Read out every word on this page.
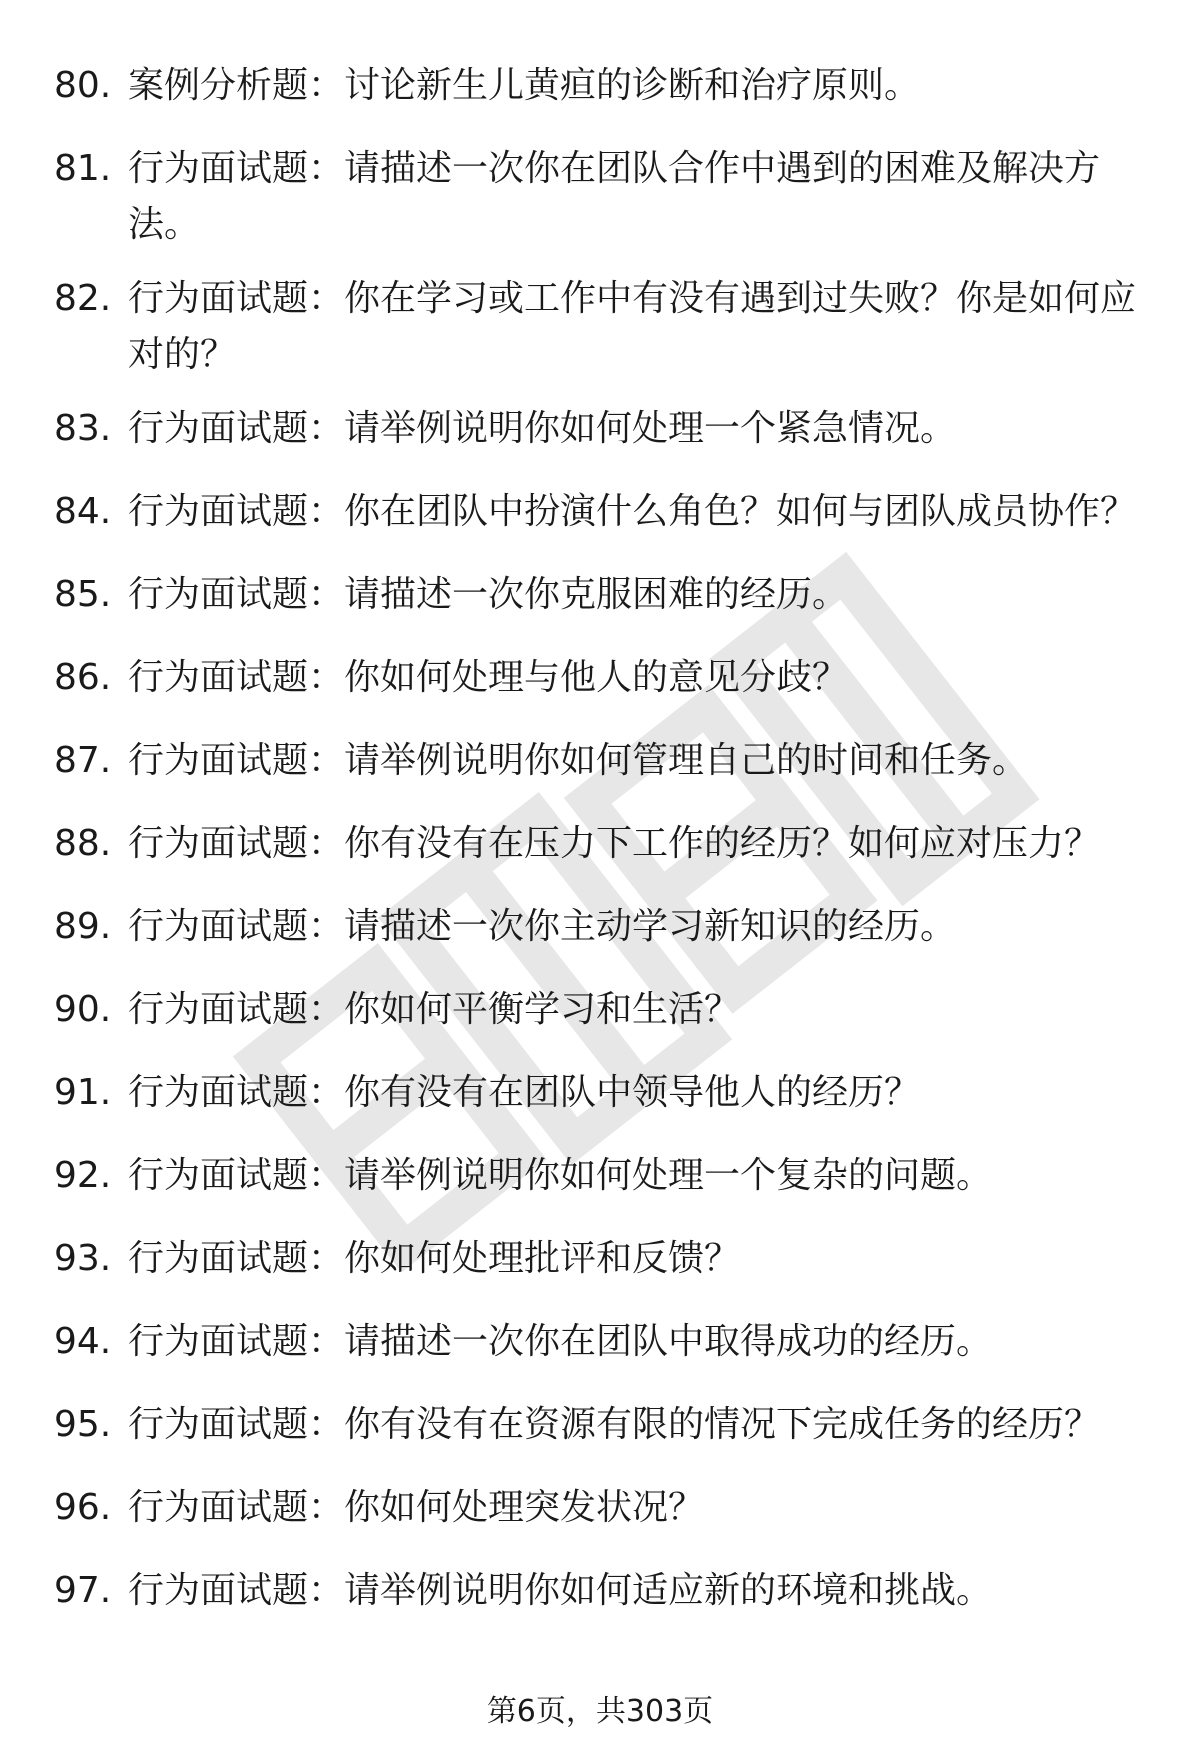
80. 案例分析题：讨论新生儿黄疸的诊断和治疗原则。
81. 行为面试题：请描述一次你在团队合作中遇到的困难及解决方法。
82. 行为面试题：你在学习或工作中有没有遇到过失败？你是如何应对的？
83. 行为面试题：请举例说明你如何处理一个紧急情况。
84. 行为面试题：你在团队中扮演什么角色？如何与团队成员协作？
85. 行为面试题：请描述一次你克服困难的经历。
86. 行为面试题：你如何处理与他人的意见分歧？
87. 行为面试题：请举例说明你如何管理自己的时间和任务。
88. 行为面试题：你有没有在压力下工作的经历？如何应对压力？
89. 行为面试题：请描述一次你主动学习新知识的经历。
90. 行为面试题：你如何平衡学习和生活？
91. 行为面试题：你有没有在团队中领导他人的经历？
92. 行为面试题：请举例说明你如何处理一个复杂的问题。
93. 行为面试题：你如何处理批评和反馈？
94. 行为面试题：请描述一次你在团队中取得成功的经历。
95. 行为面试题：你有没有在资源有限的情况下完成任务的经历？
96. 行为面试题：你如何处理突发状况？
97. 行为面试题：请举例说明你如何适应新的环境和挑战。
第6页，共303页
